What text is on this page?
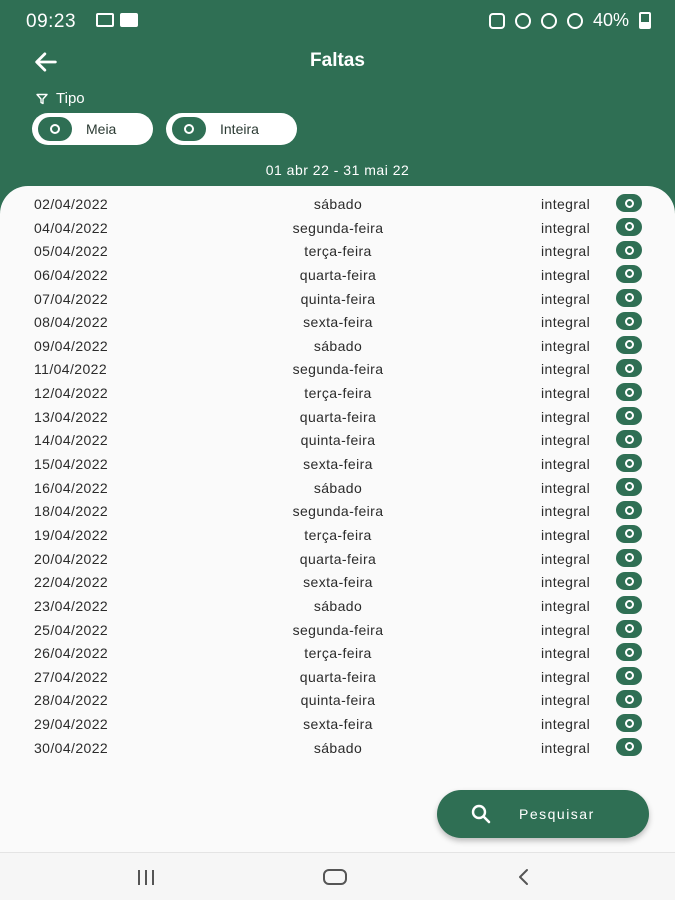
09:23	40%
Faltas
Tipo
Meia	Inteira
01 abr 22 - 31 mai 22
02/04/2022	sábado	integral
04/04/2022	segunda-feira	integral
05/04/2022	terça-feira	integral
06/04/2022	quarta-feira	integral
07/04/2022	quinta-feira	integral
08/04/2022	sexta-feira	integral
09/04/2022	sábado	integral
11/04/2022	segunda-feira	integral
12/04/2022	terça-feira	integral
13/04/2022	quarta-feira	integral
14/04/2022	quinta-feira	integral
15/04/2022	sexta-feira	integral
16/04/2022	sábado	integral
18/04/2022	segunda-feira	integral
19/04/2022	terça-feira	integral
20/04/2022	quarta-feira	integral
22/04/2022	sexta-feira	integral
23/04/2022	sábado	integral
25/04/2022	segunda-feira	integral
26/04/2022	terça-feira	integral
27/04/2022	quarta-feira	integral
28/04/2022	quinta-feira	integral
29/04/2022	sexta-feira	integral
30/04/2022	sábado	integral
Pesquisar
